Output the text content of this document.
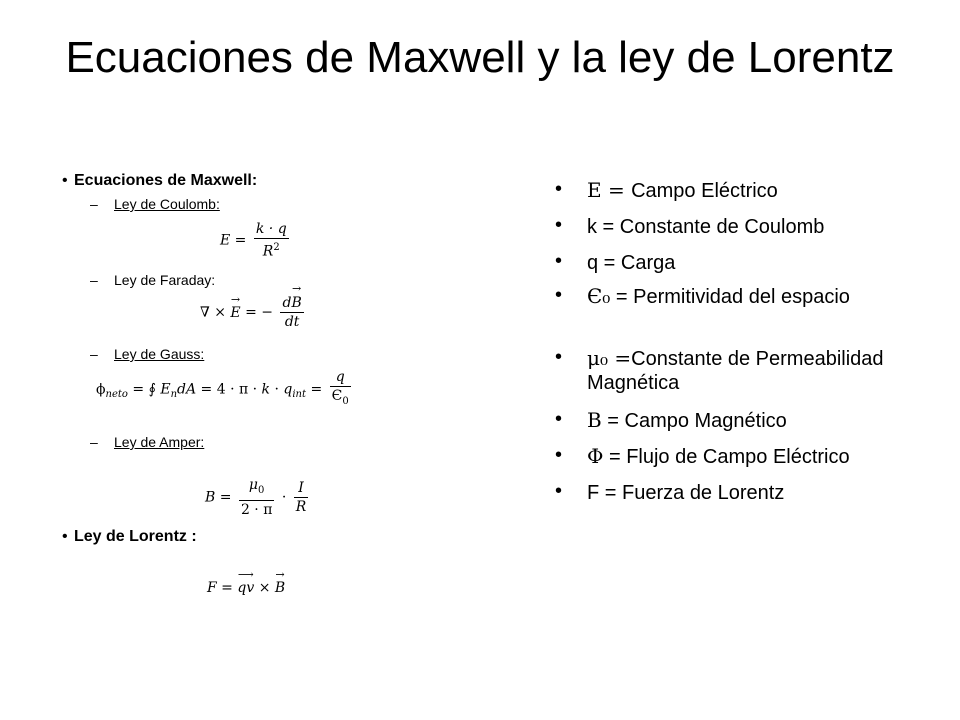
Ecuaciones de Maxwell y la ley de Lorentz
• Ecuaciones de Maxwell:
– Ley de Coulomb:
$E = \frac{k \cdot q}{R^2}$
– Ley de Faraday:
∇ × E
→
= − dB
→
dt
– Ley de Gauss:
$\phi_{neto}$ = ∮ $E_ndA = 4 \cdot \pi \cdot k \cdot q_{int} = \frac{q}{Є_0}$
– Ley de Amper:
$B = \frac{\mu_0}{2 \cdot \pi} \cdot \frac{I}{R}$
• Ley de Lorentz :
F = qv
⟶
× B
→
• E = Campo Eléctrico
• k = Constante de Coulomb
• q = Carga
• Є₀ = Permitividad del espacio
• μ₀ =Constante de Permeabilidad Magnética
• B = Campo Magnético
• Φ = Flujo de Campo Eléctrico
• F = Fuerza de Lorentz
